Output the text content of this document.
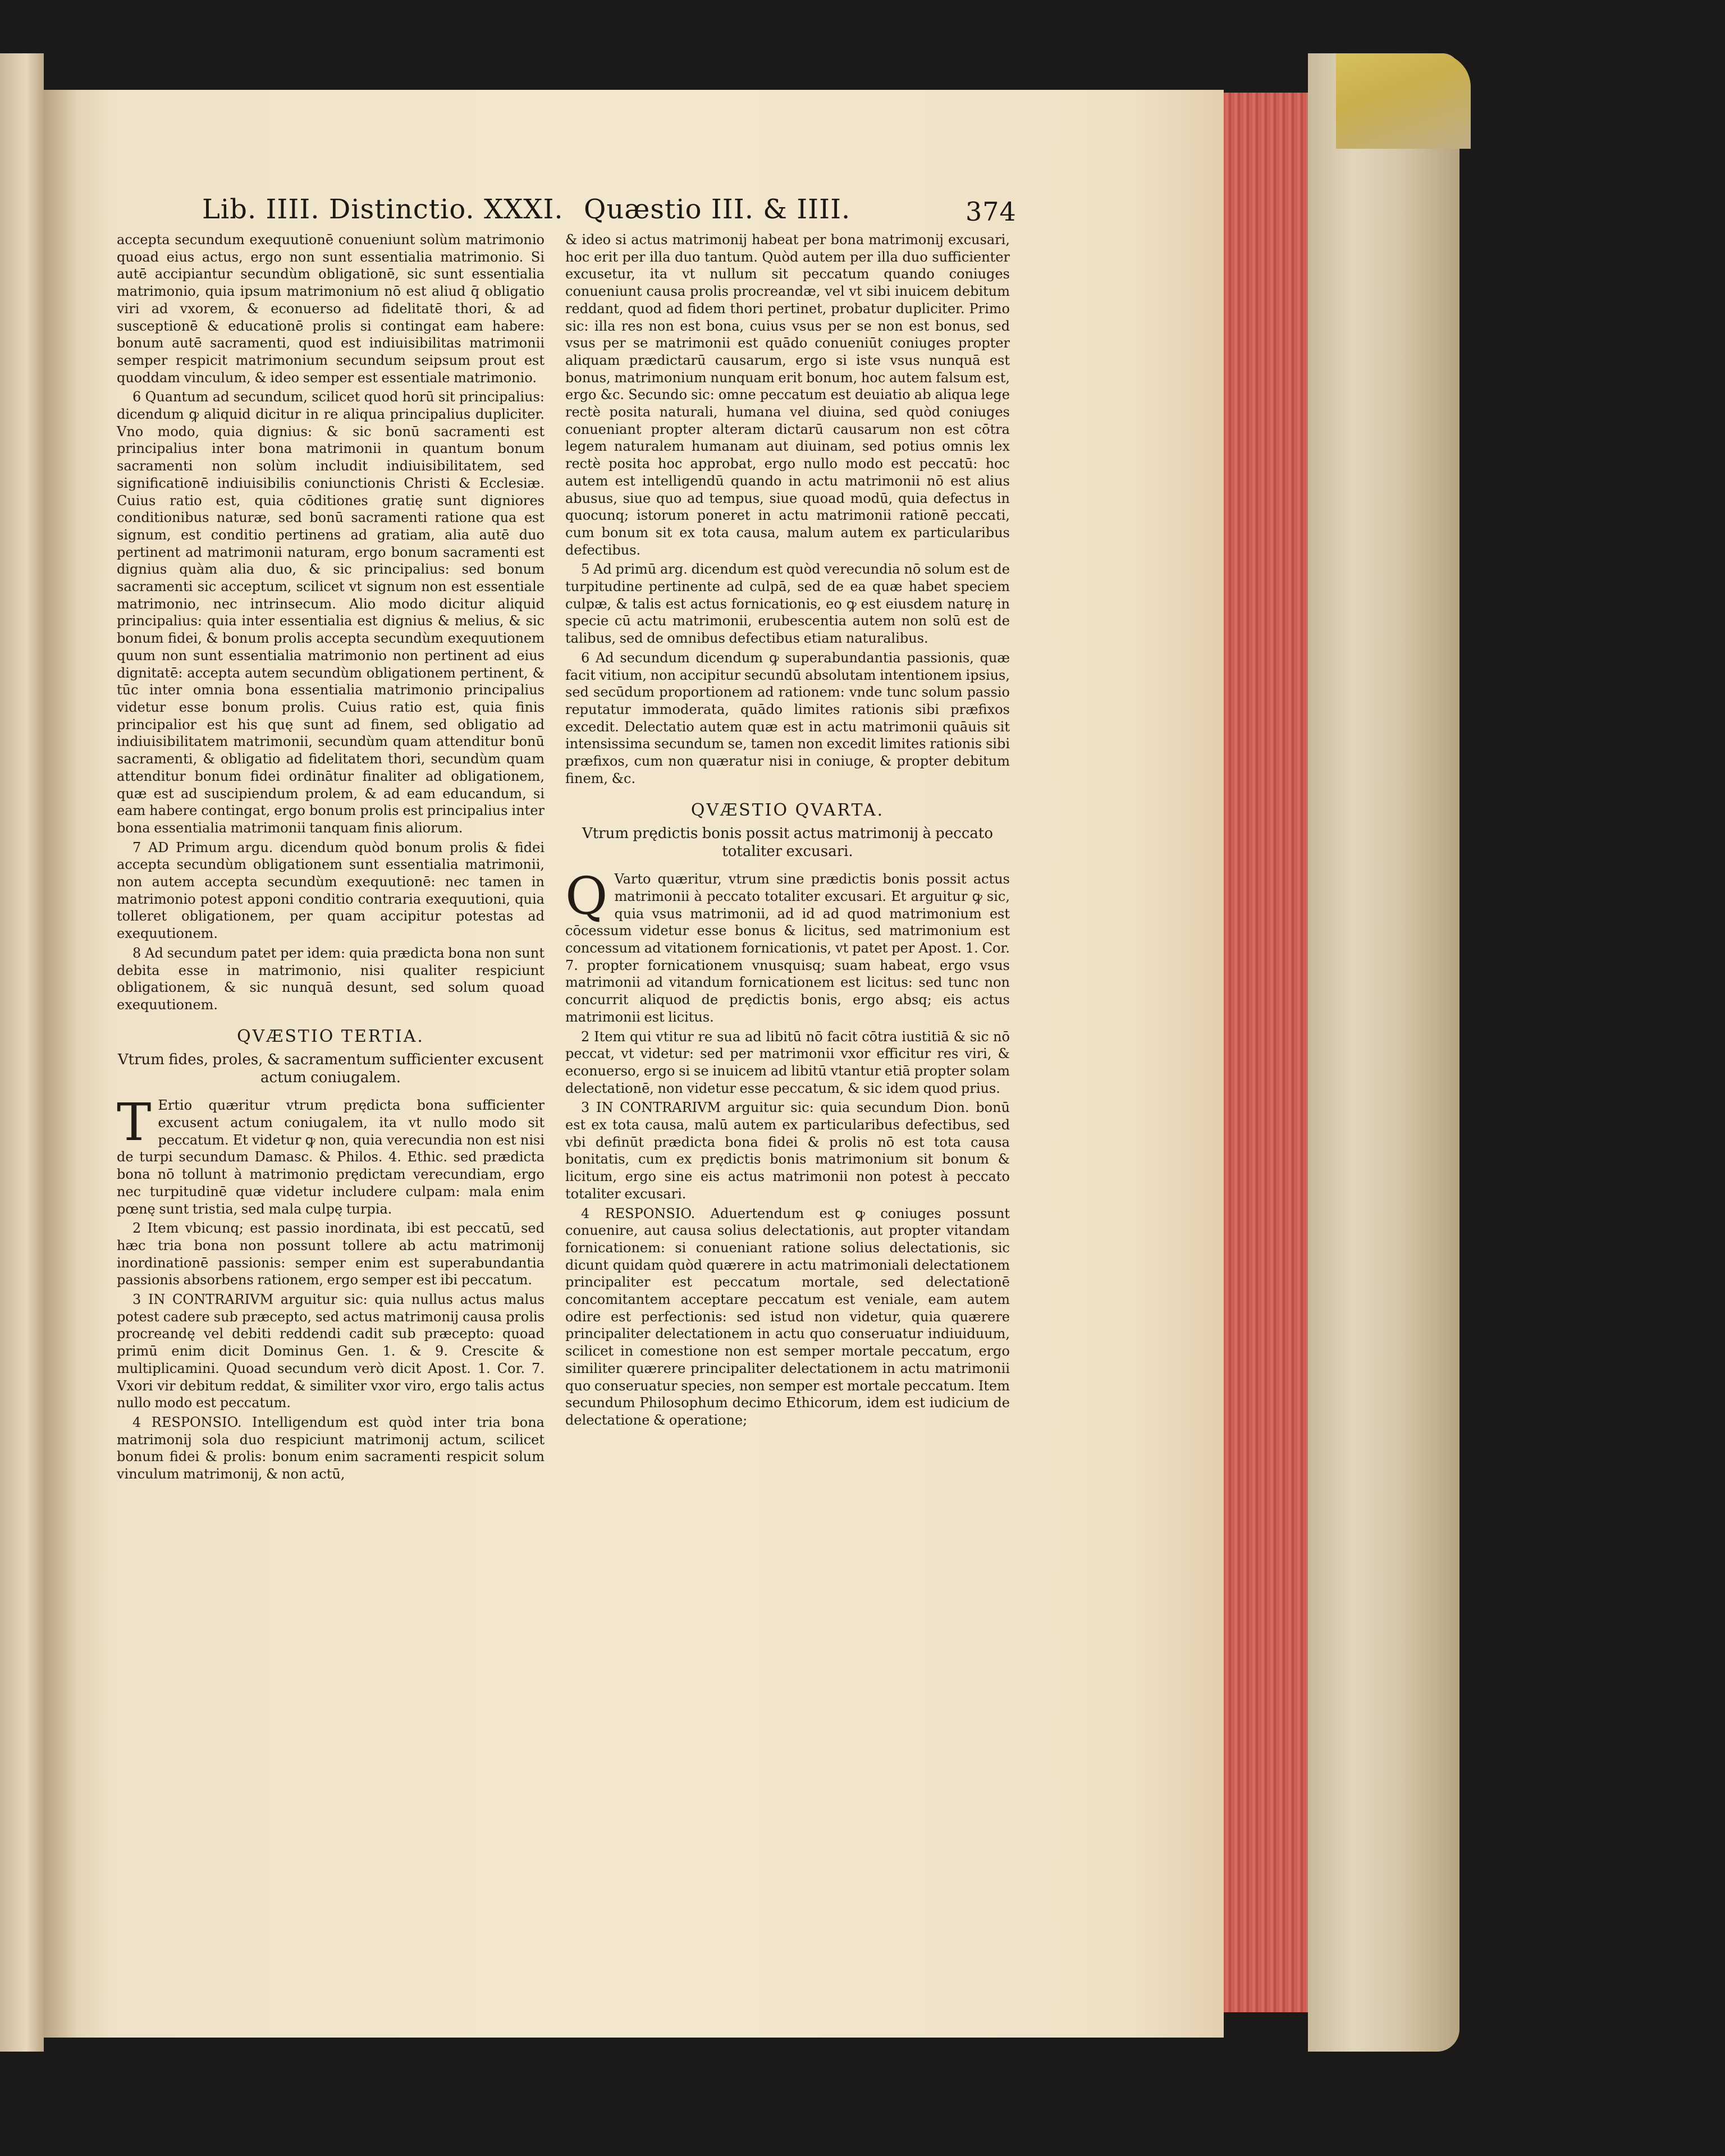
Lib. IIII. Distinctio. XXXI. Quæstio III. & IIII.	374

accepta secundum exequutionē conueniunt solùm matrimonio quoad eius actus, ergo non sunt essentialia matrimonio. Si autē accipiantur secundùm obligationē, sic sunt essentialia matrimonio, quia ipsum matrimonium nō est aliud q̄ obligatio viri ad vxorem, & econuerso ad fidelitatē thori, & ad susceptionē & educationē prolis si contingat eam habere: bonum autē sacramenti, quod est indiuisibilitas matrimonii semper respicit matrimonium secundum seipsum prout est quoddam vinculum, & ideo semper est essentiale matrimonio.

6 Quantum ad secundum, scilicet quod horū sit principalius: dicendum ꝙ aliquid dicitur in re aliqua principalius dupliciter. Vno modo, quia dignius: & sic bonū sacramenti est principalius inter bona matrimonii in quantum bonum sacramenti non solùm includit indiuisibilitatem, sed significationē indiuisibilis coniunctionis Christi & Ecclesiæ. Cuius ratio est, quia cōditiones gratię sunt digniores conditionibus naturæ, sed bonū sacramenti ratione qua est signum, est conditio pertinens ad gratiam, alia autē duo pertinent ad matrimonii naturam, ergo bonum sacramenti est dignius quàm alia duo, & sic principalius: sed bonum sacramenti sic acceptum, scilicet vt signum non est essentiale matrimonio, nec intrinsecum. Alio modo dicitur aliquid principalius: quia inter essentialia est dignius & melius, & sic bonum fidei, & bonum prolis accepta secundùm exequutionem quum non sunt essentialia matrimonio non pertinent ad eius dignitatē: accepta autem secundùm obligationem pertinent, & tūc inter omnia bona essentialia matrimonio principalius videtur esse bonum prolis. Cuius ratio est, quia finis principalior est his quę sunt ad finem, sed obligatio ad indiuisibilitatem matrimonii, secundùm quam attenditur bonū sacramenti, & obligatio ad fidelitatem thori, secundùm quam attenditur bonum fidei ordinātur finaliter ad obligationem, quæ est ad suscipiendum prolem, & ad eam educandum, si eam habere contingat, ergo bonum prolis est principalius inter bona essentialia matrimonii tanquam finis aliorum.

7 AD Primum argu. dicendum quòd bonum prolis & fidei accepta secundùm obligationem sunt essentialia matrimonii, non autem accepta secundùm exequutionē: nec tamen in matrimonio potest apponi conditio contraria exequutioni, quia tolleret obligationem, per quam accipitur potestas ad exequutionem.

8 Ad secundum patet per idem: quia prædicta bona non sunt debita esse in matrimonio, nisi qualiter respiciunt obligationem, & sic nunquā desunt, sed solum quoad exequutionem.

QVÆSTIO TERTIA.
Vtrum fides, proles, & sacramentum sufficienter excusent actum coniugalem.

T Ertio quæritur vtrum prędicta bona sufficienter excusent actum coniugalem, ita vt nullo modo sit peccatum. Et videtur ꝙ non, quia verecundia non est nisi de turpi secundum Damasc. & Philos. 4. Ethic. sed prædicta bona nō tollunt à matrimonio prędictam verecundiam, ergo nec turpitudinē quæ videtur includere culpam: mala enim pœnę sunt tristia, sed mala culpę turpia.

2 Item vbicunq; est passio inordinata, ibi est peccatū, sed hæc tria bona non possunt tollere ab actu matrimonij inordinationē passionis: semper enim est superabundantia passionis absorbens rationem, ergo semper est ibi peccatum.

3 IN CONTRARIVM arguitur sic: quia nullus actus malus potest cadere sub præcepto, sed actus matrimonij causa prolis procreandę vel debiti reddendi cadit sub præcepto: quoad primū enim dicit Dominus Gen. 1. & 9. Crescite & multiplicamini. Quoad secundum verò dicit Apost. 1. Cor. 7. Vxori vir debitum reddat, & similiter vxor viro, ergo talis actus nullo modo est peccatum.

4 RESPONSIO. Intelligendum est quòd inter tria bona matrimonij sola duo respiciunt matrimonij actum, scilicet bonum fidei & prolis: bonum enim sacramenti respicit solum vinculum matrimonij, & non actū,

& ideo si actus matrimonij habeat per bona matrimonij excusari, hoc erit per illa duo tantum. Quòd autem per illa duo sufficienter excusetur, ita vt nullum sit peccatum quando coniuges conueniunt causa prolis procreandæ, vel vt sibi inuicem debitum reddant, quod ad fidem thori pertinet, probatur dupliciter. Primo sic: illa res non est bona, cuius vsus per se non est bonus, sed vsus per se matrimonii est quādo conueniūt coniuges propter aliquam prædictarū causarum, ergo si iste vsus nunquā est bonus, matrimonium nunquam erit bonum, hoc autem falsum est, ergo &c. Secundo sic: omne peccatum est deuiatio ab aliqua lege rectè posita naturali, humana vel diuina, sed quòd coniuges conueniant propter alteram dictarū causarum non est cōtra legem naturalem humanam aut diuinam, sed potius omnis lex rectè posita hoc approbat, ergo nullo modo est peccatū: hoc autem est intelligendū quando in actu matrimonii nō est alius abusus, siue quo ad tempus, siue quoad modū, quia defectus in quocunq; istorum poneret in actu matrimonii rationē peccati, cum bonum sit ex tota causa, malum autem ex particularibus defectibus.

5 Ad primū arg. dicendum est quòd verecundia nō solum est de turpitudine pertinente ad culpā, sed de ea quæ habet speciem culpæ, & talis est actus fornicationis, eo ꝙ est eiusdem naturę in specie cū actu matrimonii, erubescentia autem non solū est de talibus, sed de omnibus defectibus etiam naturalibus.

6 Ad secundum dicendum ꝙ superabundantia passionis, quæ facit vitium, non accipitur secundū absolutam intentionem ipsius, sed secūdum proportionem ad rationem: vnde tunc solum passio reputatur immoderata, quādo limites rationis sibi præfixos excedit. Delectatio autem quæ est in actu matrimonii quāuis sit intensissima secundum se, tamen non excedit limites rationis sibi præfixos, cum non quæratur nisi in coniuge, & propter debitum finem, &c.

QVÆSTIO QVARTA.
Vtrum prędictis bonis possit actus matrimonij à peccato totaliter excusari.

Q Varto quæritur, vtrum sine prædictis bonis possit actus matrimonii à peccato totaliter excusari. Et arguitur ꝙ sic, quia vsus matrimonii, ad id ad quod matrimonium est cōcessum videtur esse bonus & licitus, sed matrimonium est concessum ad vitationem fornicationis, vt patet per Apost. 1. Cor. 7. propter fornicationem vnusquisq; suam habeat, ergo vsus matrimonii ad vitandum fornicationem est licitus: sed tunc non concurrit aliquod de prędictis bonis, ergo absq; eis actus matrimonii est licitus.

2 Item qui vtitur re sua ad libitū nō facit cōtra iustitiā & sic nō peccat, vt videtur: sed per matrimonii vxor efficitur res viri, & econuerso, ergo si se inuicem ad libitū vtantur etiā propter solam delectationē, non videtur esse peccatum, & sic idem quod prius.

3 IN CONTRARIVM arguitur sic: quia secundum Dion. bonū est ex tota causa, malū autem ex particularibus defectibus, sed vbi definūt prædicta bona fidei & prolis nō est tota causa bonitatis, cum ex prędictis bonis matrimonium sit bonum & licitum, ergo sine eis actus matrimonii non potest à peccato totaliter excusari.

4 RESPONSIO. Aduertendum est ꝙ coniuges possunt conuenire, aut causa solius delectationis, aut propter vitandam fornicationem: si conueniant ratione solius delectationis, sic dicunt quidam quòd quærere in actu matrimoniali delectationem principaliter est peccatum mortale, sed delectationē concomitantem acceptare peccatum est veniale, eam autem odire est perfectionis: sed istud non videtur, quia quærere principaliter delectationem in actu quo conseruatur indiuiduum, scilicet in comestione non est semper mortale peccatum, ergo similiter quærere principaliter delectationem in actu matrimonii quo conseruatur species, non semper est mortale peccatum. Item secundum Philosophum decimo Ethicorum, idem est iudicium de delectatione & operatione;
